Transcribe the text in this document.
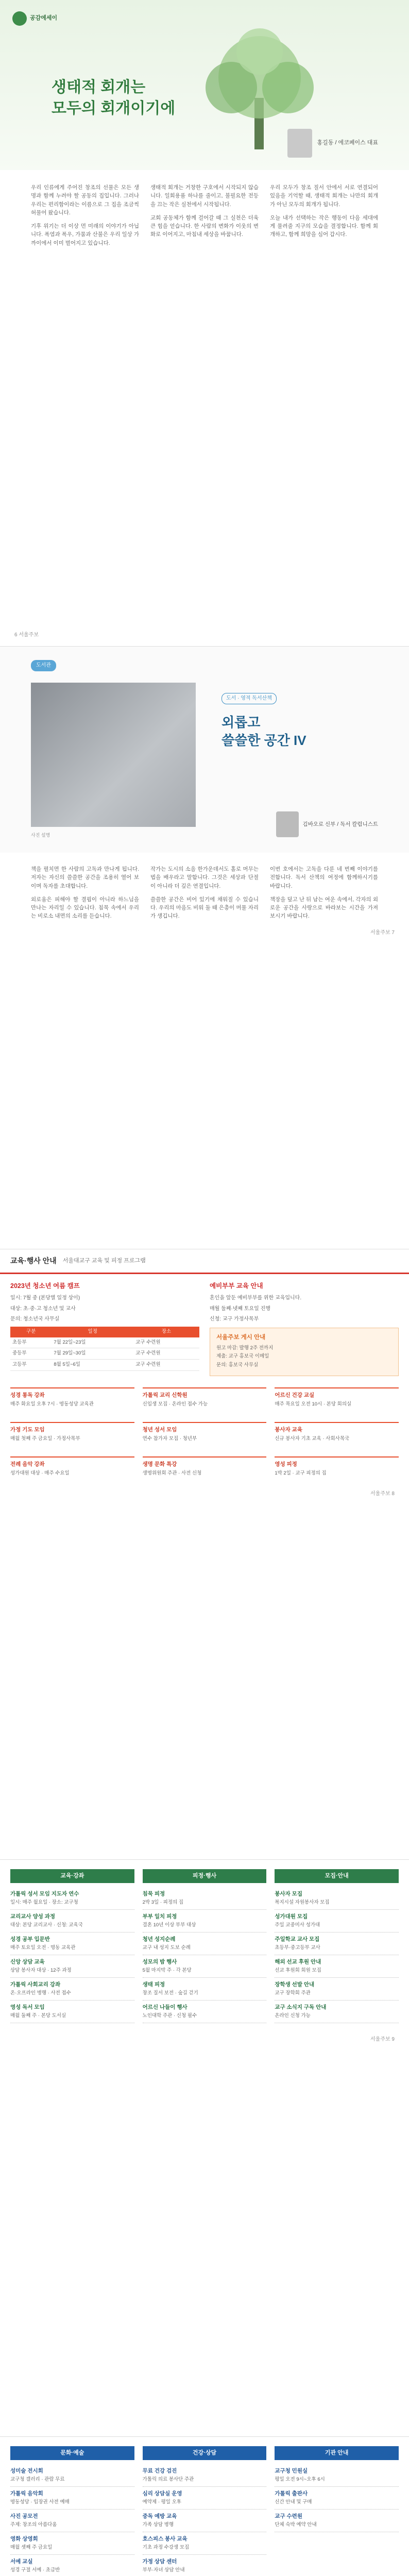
공감에세이
생태적 회개는
모두의 회개이기에
홍길동 / 에코페이스 대표

우리 인류에게 주어진 창조의 선물은 모든 생명과 함께 누려야 할 공동의 집입니다. 그러나 우리는 편리함이라는 이름으로 그 집을 조금씩 허물어 왔습니다.

기후 위기는 더 이상 먼 미래의 이야기가 아닙니다. 폭염과 폭우, 가뭄과 산불은 우리 일상 가까이에서 이미 벌어지고 있습니다.

생태적 회개는 거창한 구호에서 시작되지 않습니다. 일회용품 하나를 줄이고, 불필요한 전등을 끄는 작은 실천에서 시작됩니다.

교회 공동체가 함께 걸어갈 때 그 실천은 더욱 큰 힘을 얻습니다. 한 사람의 변화가 이웃의 변화로 이어지고, 마침내 세상을 바꿉니다.

우리 모두가 창조 질서 안에서 서로 연결되어 있음을 기억할 때, 생태적 회개는 나만의 회개가 아닌 모두의 회개가 됩니다.

오늘 내가 선택하는 작은 행동이 다음 세대에게 물려줄 지구의 모습을 결정합니다. 함께 회개하고, 함께 희망을 심어 갑시다.

6 서울주보
도서관
사진 설명
도서 · 영적 독서산책
외롭고
쓸쓸한 공간 IV
김바오로 신부 / 독서 칼럼니스트

책을 펼치면 한 사람의 고독과 만나게 됩니다. 저자는 자신의 쓸쓸한 공간을 조용히 열어 보이며 독자를 초대합니다.

외로움은 피해야 할 결핍이 아니라 하느님을 만나는 자리일 수 있습니다. 침묵 속에서 우리는 비로소 내면의 소리를 듣습니다.

작가는 도시의 소음 한가운데서도 홀로 머무는 법을 배우라고 말합니다. 그것은 세상과 단절이 아니라 더 깊은 연결입니다.

쓸쓸한 공간은 비어 있기에 채워질 수 있습니다. 우리의 마음도 비워 둘 때 은총이 머물 자리가 생깁니다.

이번 호에서는 고독을 다룬 네 번째 이야기를 전합니다. 독서 산책의 여정에 함께하시기를 바랍니다.

책장을 덮고 난 뒤 남는 여운 속에서, 각자의 외로운 공간을 사랑으로 바라보는 시간을 가져 보시기 바랍니다.

서울주보 7
교육·행사 안내 서울대교구 교육 및 피정 프로그램
2023년 청소년 여름 캠프

일시: 7월 중 (본당별 일정 상이)

대상: 초·중·고 청소년 및 교사

문의: 청소년국 사무실

구분	일정	장소
초등부	7월 22일~23일	교구 수련원
중등부	7월 29일~30일	교구 수련원
고등부	8월 5일~6일	교구 수련원
예비부부 교육 안내

혼인을 앞둔 예비부부를 위한 교육입니다.

매월 둘째·넷째 토요일 진행

신청: 교구 가정사목부

서울주보 게시 안내

원고 마감: 발행 2주 전까지

제출: 교구 홍보국 이메일

문의: 홍보국 사무실

성경 통독 강좌

매주 화요일 오후 7시 · 명동성당 교육관

가톨릭 교리 신학원

신입생 모집 · 온라인 접수 가능

어르신 건강 교실

매주 목요일 오전 10시 · 본당 회의실

가정 기도 모임

매월 첫째 주 금요일 · 가정사목부

청년 성서 모임

연수 참가자 모집 · 청년부

봉사자 교육

신규 봉사자 기초 교육 · 사회사목국

전례 음악 강좌

성가대원 대상 · 매주 수요일

생명 문화 특강

생명위원회 주관 · 사전 신청

영성 피정

1박 2일 · 교구 피정의 집

서울주보 8
교육·강좌
가톨릭 성서 모임 지도자 연수

일시: 매주 월요일 · 장소: 교구청

교리교사 양성 과정

대상: 본당 교리교사 · 신청: 교육국

성경 공부 입문반

매주 토요일 오전 · 명동 교육관

신앙 상담 교육

상담 봉사자 대상 · 12주 과정

가톨릭 사회교리 강좌

온·오프라인 병행 · 사전 접수

영성 독서 모임

매월 둘째 주 · 본당 도서실

피정·행사
침묵 피정

2박 3일 · 피정의 집

부부 일치 피정

결혼 10년 이상 부부 대상

청년 성지순례

교구 내 성지 도보 순례

성모의 밤 행사

5월 마지막 주 · 각 본당

생태 피정

창조 질서 보전 · 숲길 걷기

어르신 나들이 행사

노인대학 주관 · 신청 필수

모집·안내
봉사자 모집

복지시설 자원봉사자 모집

성가대원 모집

주일 교중미사 성가대

주일학교 교사 모집

초등부·중고등부 교사

해외 선교 후원 안내

선교 후원회 회원 모집

장학생 선발 안내

교구 장학회 주관

교구 소식지 구독 안내

온라인 신청 가능

서울주보 9
문화·예술
성미술 전시회

교구청 갤러리 · 관람 무료

가톨릭 음악회

명동성당 · 입장권 사전 예매

사진 공모전

주제: 창조의 아름다움

영화 상영회

매월 셋째 주 금요일

서예 교실

성경 구절 서예 · 초급반

건강·상담
무료 건강 검진

가톨릭 의료 봉사단 주관

심리 상담실 운영

예약제 · 평일 오후

중독 예방 교육

가족 상담 병행

호스피스 봉사 교육

기초 과정 수강생 모집

가정 상담 센터

부부·자녀 상담 안내

기관 안내
교구청 민원실

평일 오전 9시~오후 6시

가톨릭 출판사

신간 안내 및 구매

교구 수련원

단체 숙박 예약 안내
